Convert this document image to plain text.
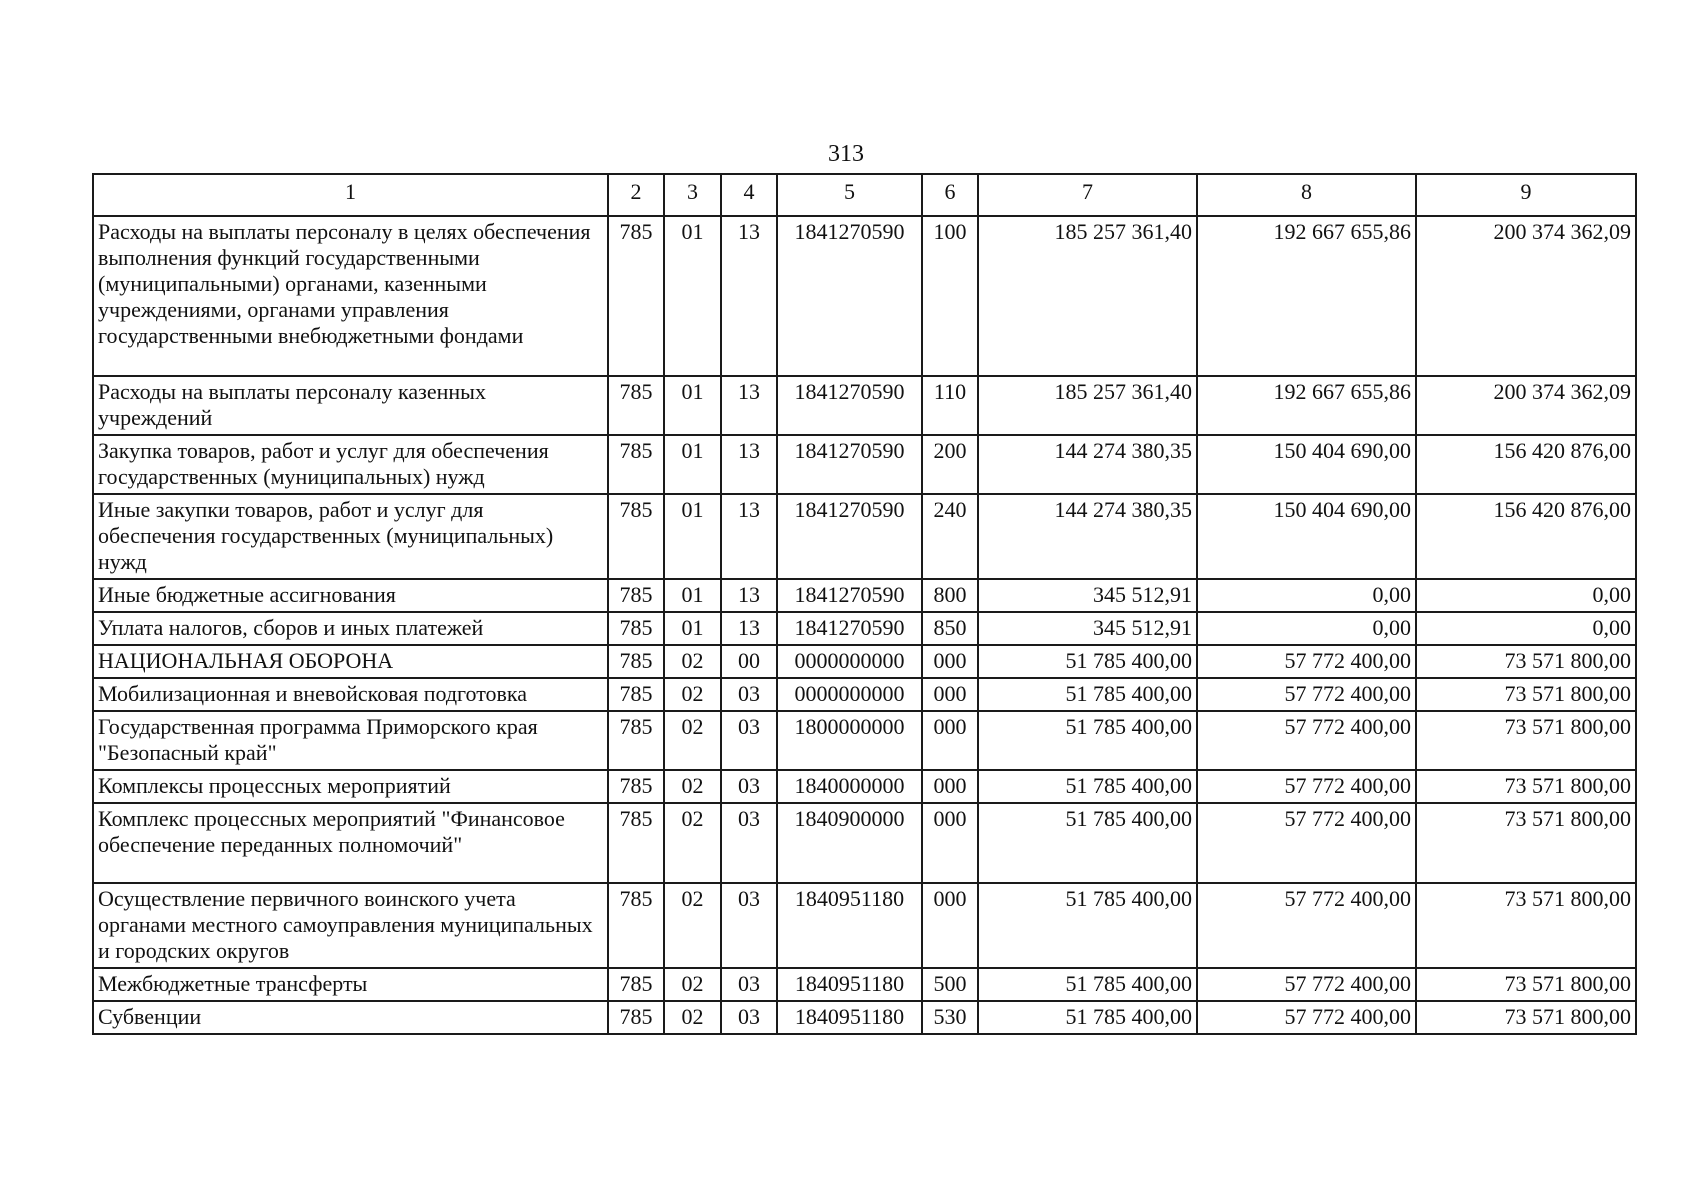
313
1	2	3	4	5	6	7	8	9
Расходы на выплаты персоналу в целях обеспечения выполнения функций государственными (муниципальными) органами, казенными учреждениями, органами управления государственными внебюджетными фондами	785	01	13	1841270590	100	185 257 361,40	192 667 655,86	200 374 362,09
Расходы на выплаты персоналу казенных учреждений	785	01	13	1841270590	110	185 257 361,40	192 667 655,86	200 374 362,09
Закупка товаров, работ и услуг для обеспечения государственных (муниципальных) нужд	785	01	13	1841270590	200	144 274 380,35	150 404 690,00	156 420 876,00
Иные закупки товаров, работ и услуг для обеспечения государственных (муниципальных) нужд	785	01	13	1841270590	240	144 274 380,35	150 404 690,00	156 420 876,00
Иные бюджетные ассигнования	785	01	13	1841270590	800	345 512,91	0,00	0,00
Уплата налогов, сборов и иных платежей	785	01	13	1841270590	850	345 512,91	0,00	0,00
НАЦИОНАЛЬНАЯ ОБОРОНА	785	02	00	0000000000	000	51 785 400,00	57 772 400,00	73 571 800,00
Мобилизационная и вневойсковая подготовка	785	02	03	0000000000	000	51 785 400,00	57 772 400,00	73 571 800,00
Государственная программа Приморского края "Безопасный край"	785	02	03	1800000000	000	51 785 400,00	57 772 400,00	73 571 800,00
Комплексы процессных мероприятий	785	02	03	1840000000	000	51 785 400,00	57 772 400,00	73 571 800,00
Комплекс процессных мероприятий "Финансовое обеспечение переданных полномочий"	785	02	03	1840900000	000	51 785 400,00	57 772 400,00	73 571 800,00
Осуществление первичного воинского учета органами местного самоуправления муниципальных и городских округов	785	02	03	1840951180	000	51 785 400,00	57 772 400,00	73 571 800,00
Межбюджетные трансферты	785	02	03	1840951180	500	51 785 400,00	57 772 400,00	73 571 800,00
Субвенции	785	02	03	1840951180	530	51 785 400,00	57 772 400,00	73 571 800,00
